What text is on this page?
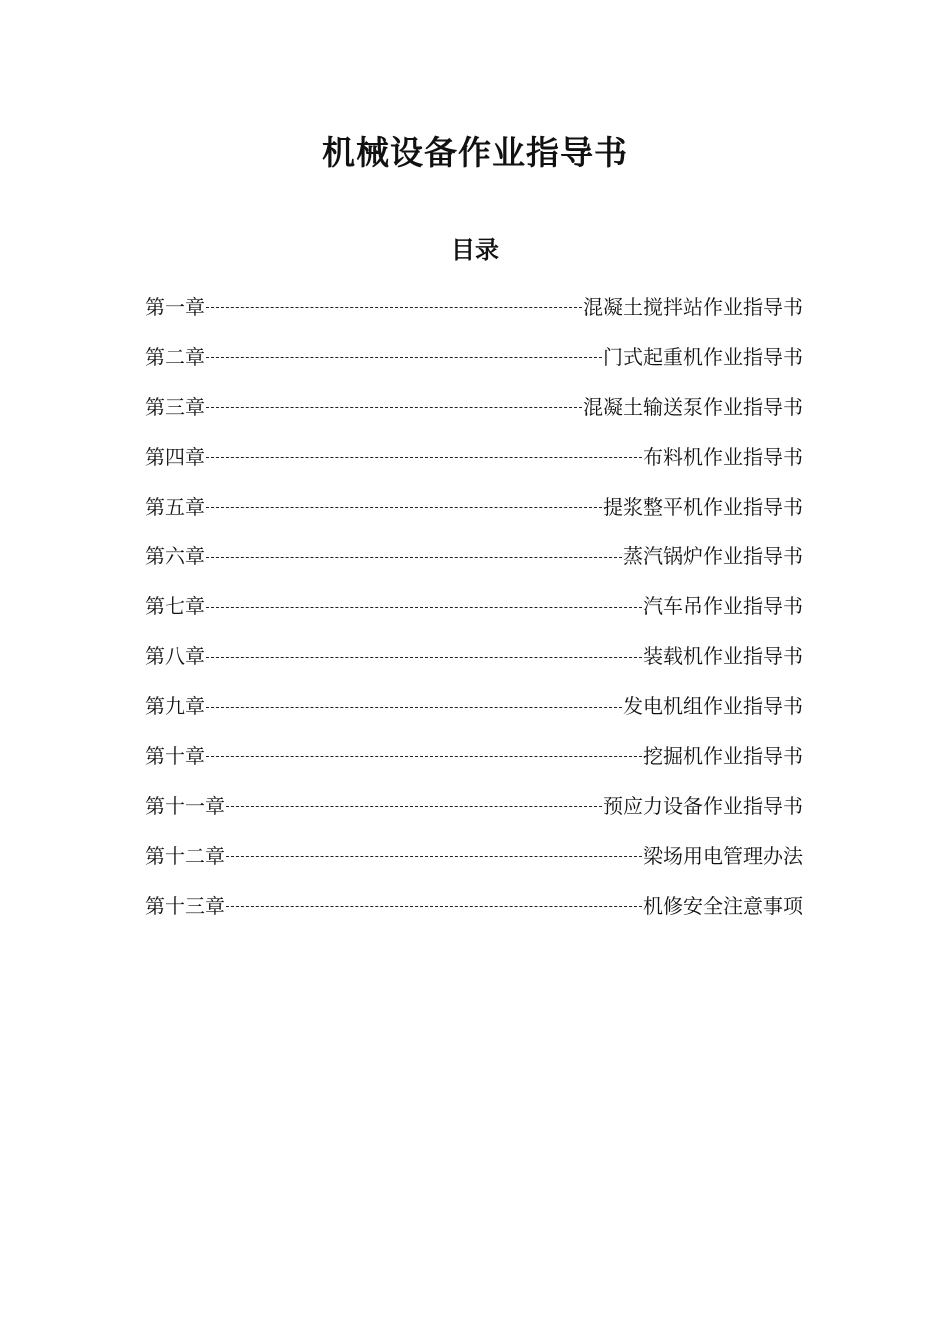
机械设备作业指导书
目录
第一章	混凝土搅拌站作业指导书
第二章	门式起重机作业指导书
第三章	混凝土输送泵作业指导书
第四章	布料机作业指导书
第五章	提浆整平机作业指导书
第六章	蒸汽锅炉作业指导书
第七章	汽车吊作业指导书
第八章	装载机作业指导书
第九章	发电机组作业指导书
第十章	挖掘机作业指导书
第十一章	预应力设备作业指导书
第十二章	梁场用电管理办法
第十三章	机修安全注意事项
